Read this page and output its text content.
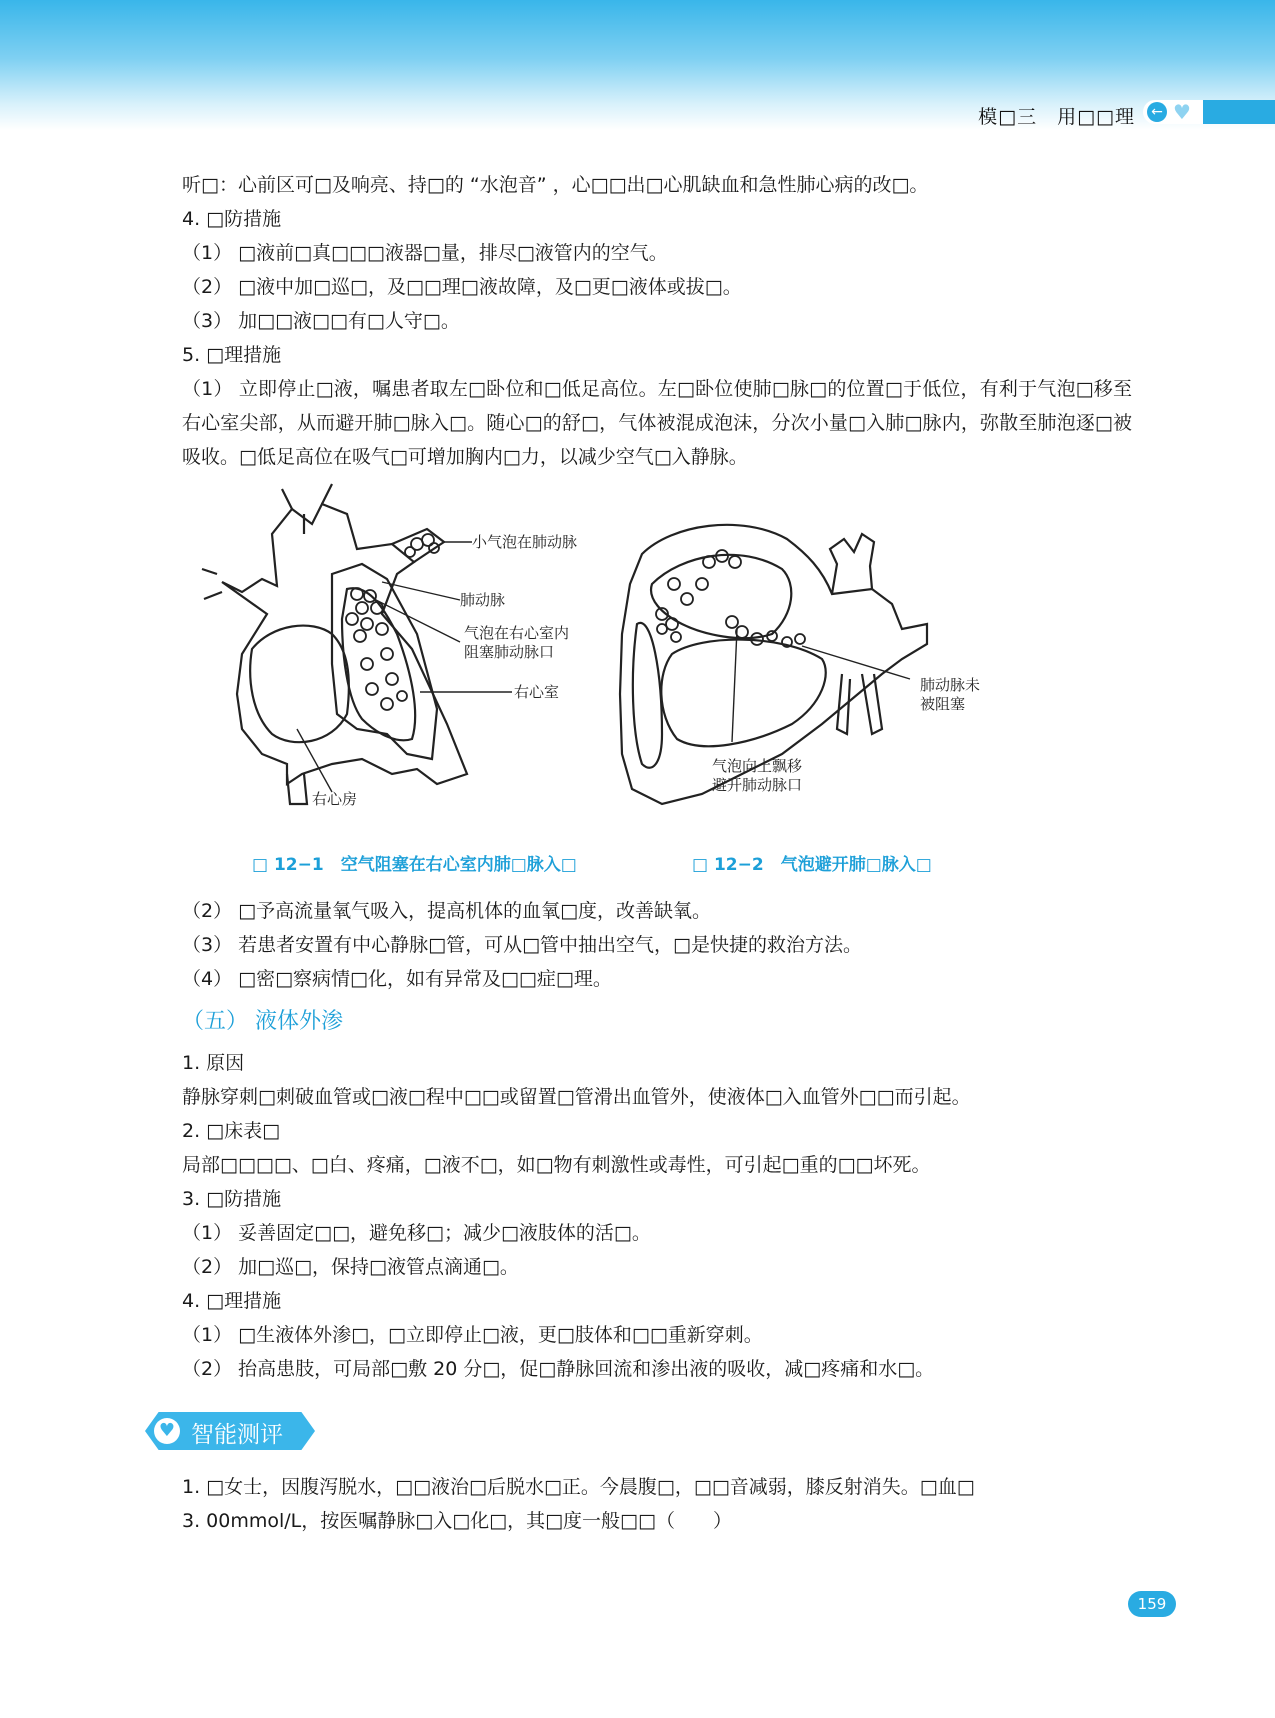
模□三　用□□理 ← ♥

听□：心前区可□及响亮、持□的 “水泡音” ，心□□出□心肌缺血和急性肺心病的改□。

4. □防措施

（1） □液前□真□□□液器□量，排尽□液管内的空气。

（2） □液中加□巡□，及□□理□液故障，及□更□液体或拔□。

（3） 加□□液□□有□人守□。

5. □理措施

（1） 立即停止□液，嘱患者取左□卧位和□低足高位。左□卧位使肺□脉□的位置□于低位，有利于气泡□移至右心室尖部，从而避开肺□脉入□。随心□的舒□，气体被混成泡沫，分次小量□入肺□脉内，弥散至肺泡逐□被吸收。□低足高位在吸气□可增加胸内□力，以减少空气□入静脉。

小气泡在肺动脉
肺动脉
气泡在右心室内
阻塞肺动脉口
右心室
右心房
肺动脉未
被阻塞
气泡向上飘移
避开肺动脉口
□ 12−1　空气阻塞在右心室内肺□脉入□	□ 12−2　气泡避开肺□脉入□

（2） □予高流量氧气吸入，提高机体的血氧□度，改善缺氧。

（3） 若患者安置有中心静脉□管，可从□管中抽出空气，□是快捷的救治方法。

（4） □密□察病情□化，如有异常及□□症□理。

（五） 液体外渗

1. 原因

静脉穿刺□刺破血管或□液□程中□□或留置□管滑出血管外，使液体□入血管外□□而引起。

2. □床表□

局部□□□□、□白、疼痛，□液不□，如□物有刺激性或毒性，可引起□重的□□坏死。

3. □防措施

（1） 妥善固定□□，避免移□；减少□液肢体的活□。

（2） 加□巡□，保持□液管点滴通□。

4. □理措施

（1） □生液体外渗□，□立即停止□液，更□肢体和□□重新穿刺。

（2） 抬高患肢，可局部□敷 20 分□，促□静脉回流和渗出液的吸收，减□疼痛和水□。

♥ 智能测评

1. □女士，因腹泻脱水，□□液治□后脱水□正。今晨腹□，□□音减弱，膝反射消失。□血□

3. 00mmol/L，按医嘱静脉□入□化□，其□度一般□□（　　）

159
